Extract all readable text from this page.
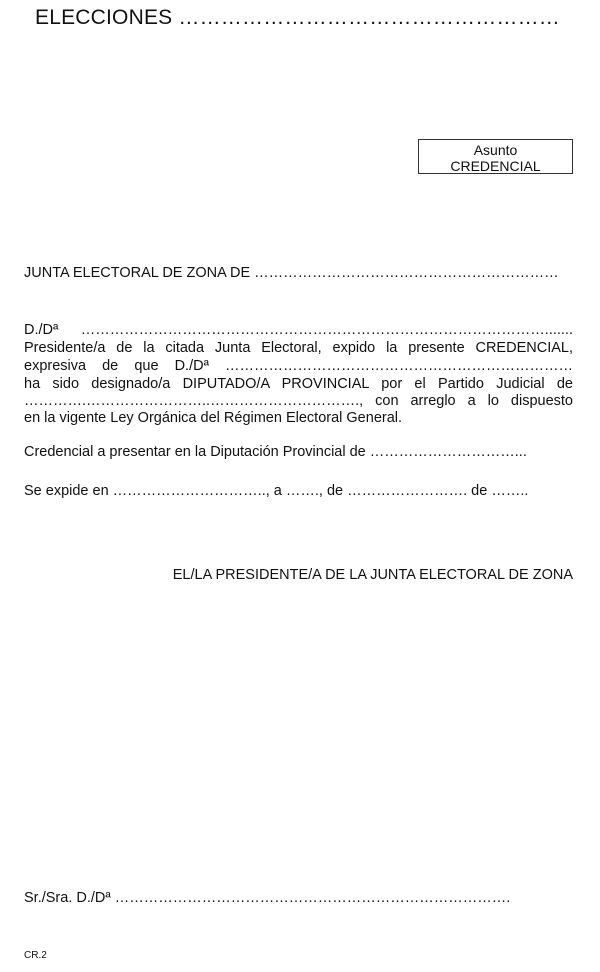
ELECCIONES ………………………………………………
Asunto
CREDENCIAL
JUNTA ELECTORAL DE ZONA DE ………………………………………………………
D./Dª …………………………………………………………………………………….......
Presidente/a de la citada Junta Electoral, expido la presente CREDENCIAL,
expresiva de que D./Dª ………………………………………………………………
ha sido designado/a DIPUTADO/A PROVINCIAL por el Partido Judicial de
………….……………………..…………………………., con arreglo a lo dispuesto
en la vigente Ley Orgánica del Régimen Electoral General.
Credencial a presentar en la Diputación Provincial de …………………………...
Se expide en ………………………….., a ……., de ……………………. de ……..
EL/LA PRESIDENTE/A DE LA JUNTA ELECTORAL DE ZONA
Sr./Sra. D./Dª ……………………………………………………………………….
CR.2
